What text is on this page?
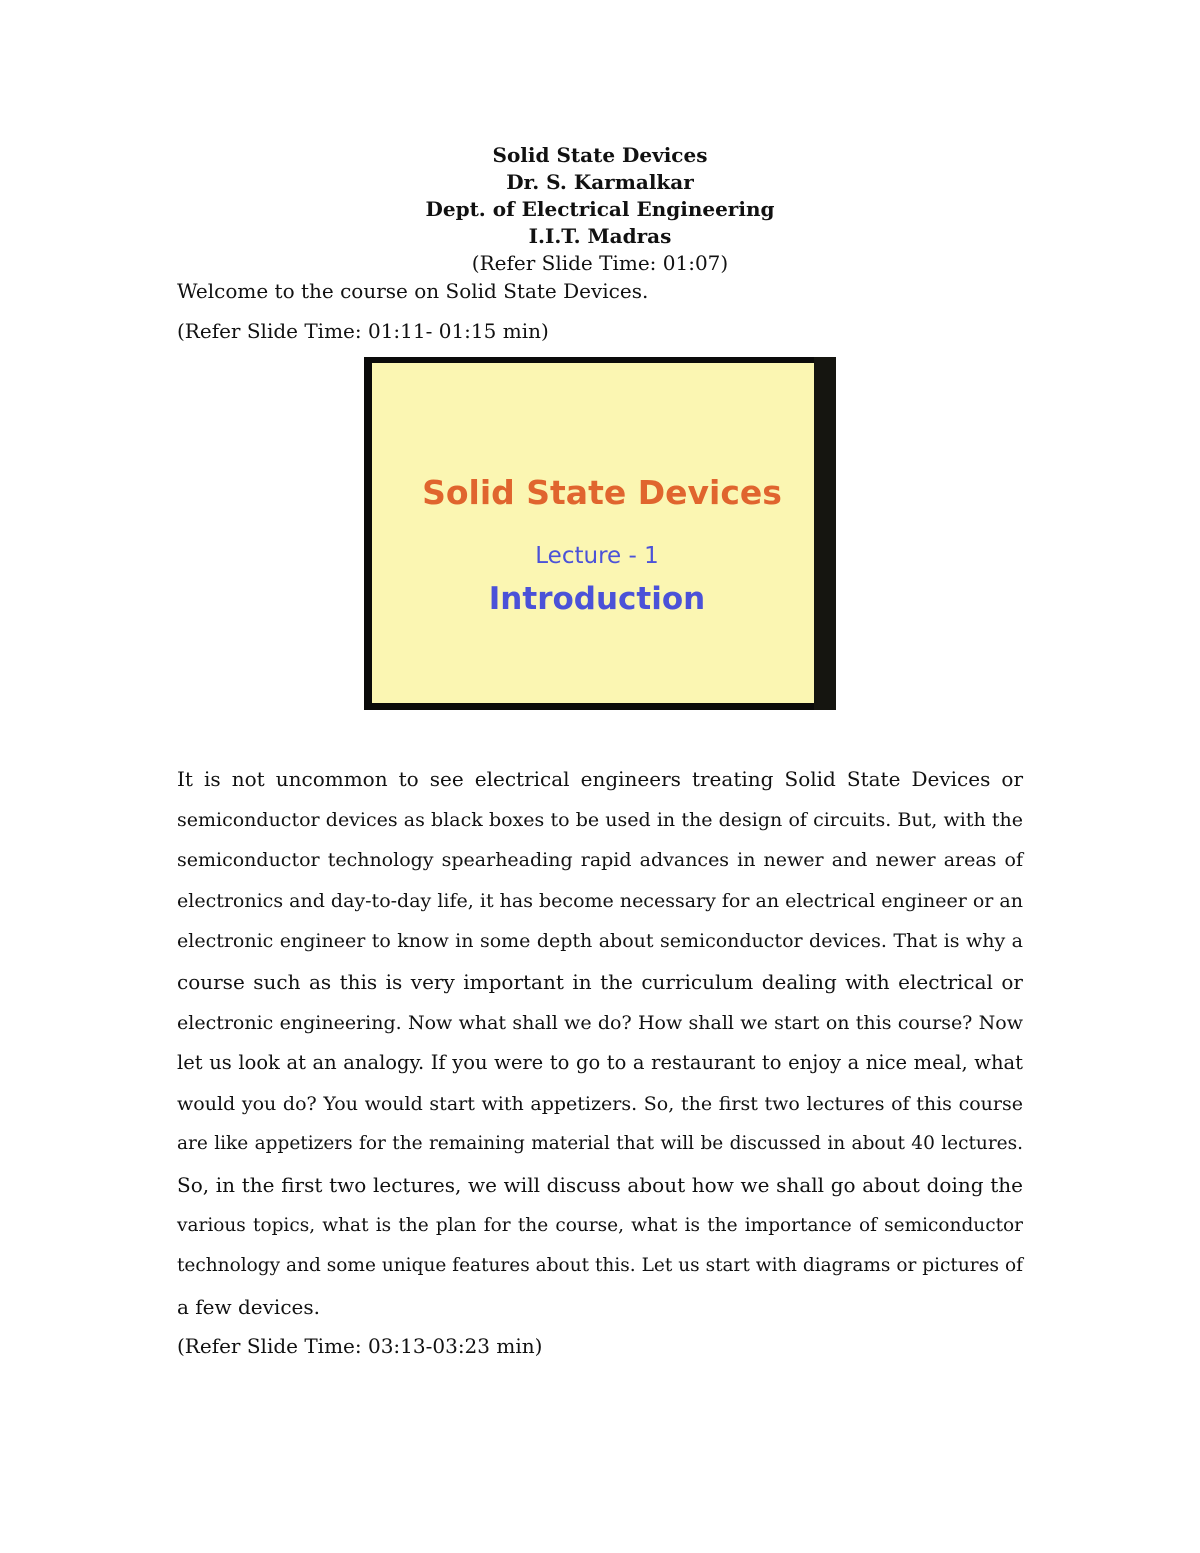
Solid State Devices
Dr. S. Karmalkar
Dept. of Electrical Engineering
I.I.T. Madras
(Refer Slide Time: 01:07)
Welcome to the course on Solid State Devices.
(Refer Slide Time: 01:11- 01:15 min)
Solid State Devices
Lecture - 1
Introduction
It is not uncommon to see electrical engineers treating Solid State Devices or
semiconductor devices as black boxes to be used in the design of circuits. But, with the
semiconductor technology spearheading rapid advances in newer and newer areas of
electronics and day-to-day life, it has become necessary for an electrical engineer or an
electronic engineer to know in some depth about semiconductor devices. That is why a
course such as this is very important in the curriculum dealing with electrical or
electronic engineering. Now what shall we do? How shall we start on this course? Now
let us look at an analogy. If you were to go to a restaurant to enjoy a nice meal, what
would you do? You would start with appetizers. So, the first two lectures of this course
are like appetizers for the remaining material that will be discussed in about 40 lectures.
So, in the first two lectures, we will discuss about how we shall go about doing the
various topics, what is the plan for the course, what is the importance of semiconductor
technology and some unique features about this. Let us start with diagrams or pictures of
a few devices.
(Refer Slide Time: 03:13-03:23 min)
